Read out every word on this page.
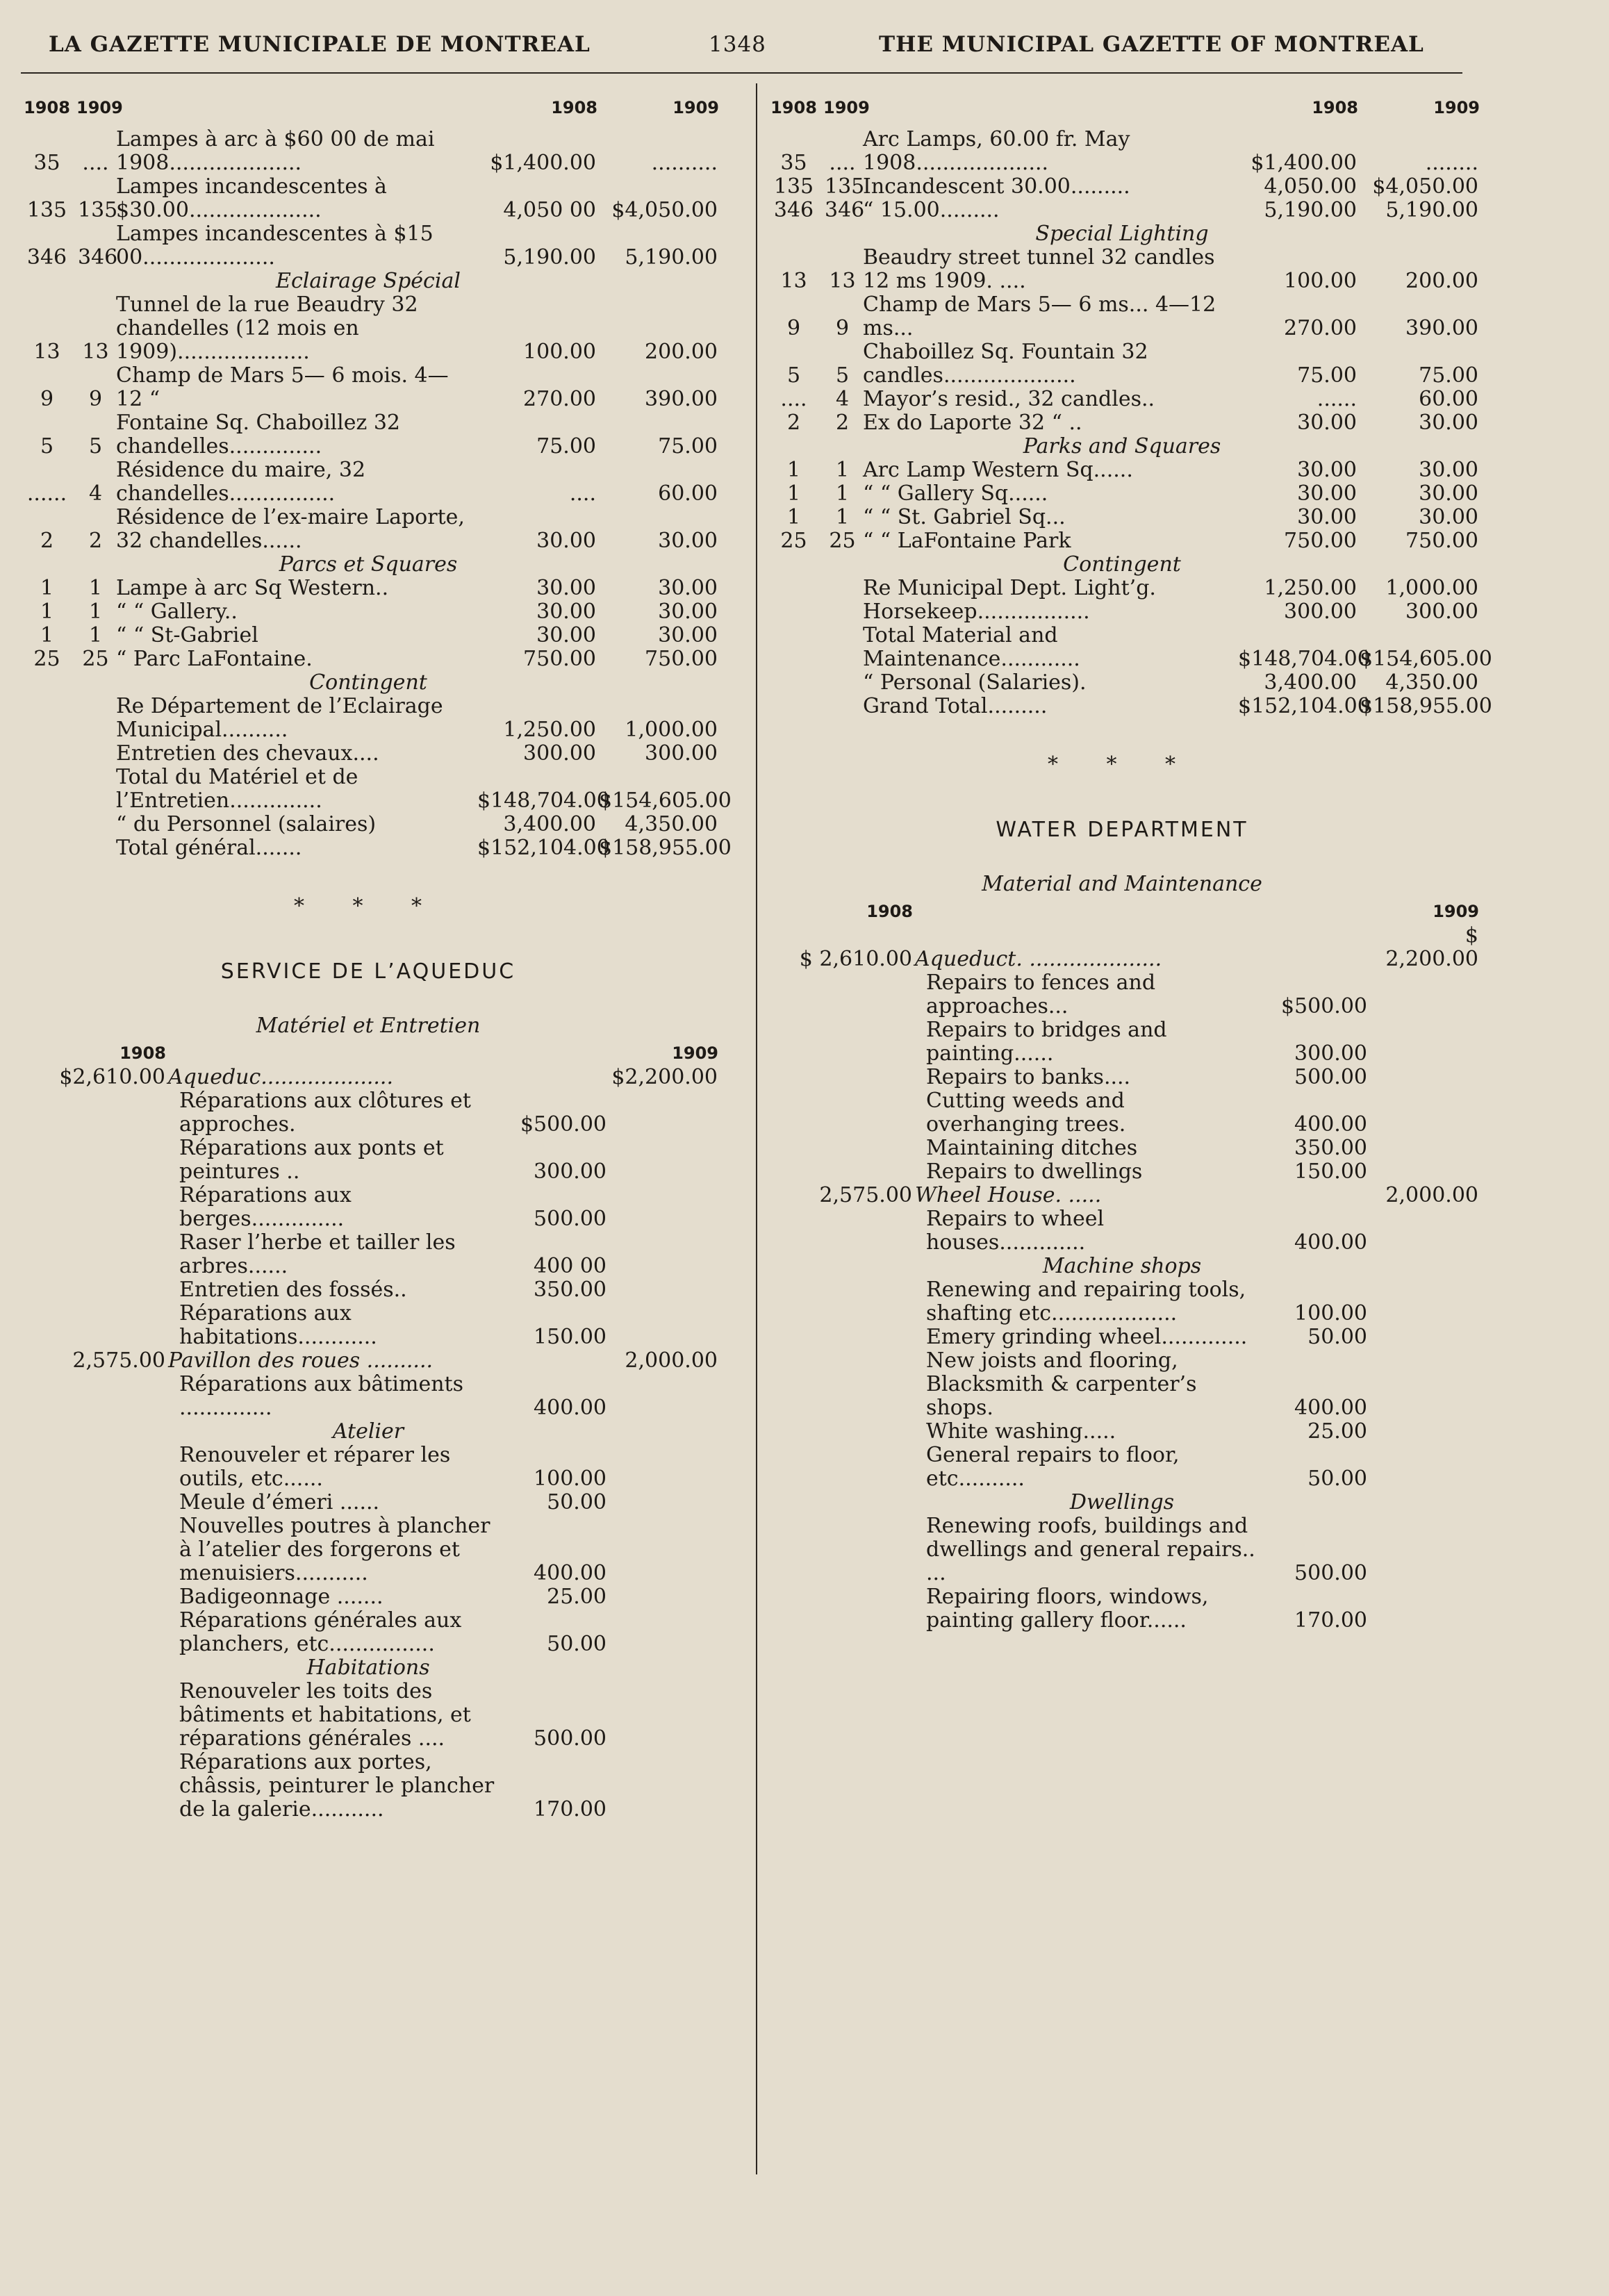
LA GAZETTE MUNICIPALE DE MONTREAL	1348	THE MUNICIPAL GAZETTE OF MONTREAL
1908	1909		1908	1909
35	....	Lampes à arc à $60 00 de mai 1908....................	$1,400.00	..........
135	135	Lampes incandescentes à $30.00....................	4,050 00	$4,050.00
346	346	Lampes incandescentes à $15 00....................	5,190.00	5,190.00
Eclairage Spécial				
13	13	Tunnel de la rue Beaudry 32 chandelles (12 mois en 1909)....................	100.00	200.00
9	9	Champ de Mars 5— 6 mois. 4—12 “	270.00	390.00
5	5	Fontaine Sq. Chaboillez 32 chandelles..............	75.00	75.00
......	4	Résidence du maire, 32 chandelles................	....	60.00
2	2	Résidence de l’ex-maire Laporte, 32 chandelles......	30.00	30.00
Parcs et Squares				
1	1	Lampe à arc Sq Western..	30.00	30.00
1	1	“ “ Gallery..	30.00	30.00
1	1	“ “ St-Gabriel	30.00	30.00
25	25	“ Parc LaFontaine.	750.00	750.00
Contingent				
		Re Département de l’Eclairage Municipal..........	1,250.00	1,000.00
		Entretien des chevaux....	300.00	300.00
		Total du Matériel et de l’Entretien..............	$148,704.00	$154,605.00
		“ du Personnel (salaires)	3,400.00	4,350.00
		Total général.......	$152,104.00	$158,955.00
* * *
SERVICE DE L’AQUEDUC
Matériel et Entretien
1908			1909
$2,610.00	Aqueduc....................		$2,200.00
	Réparations aux clôtures et approches.	$500.00	
	Réparations aux ponts et peintures ..	300.00	
	Réparations aux berges..............	500.00	
	Raser l’herbe et tailler les arbres......	400 00	
	Entretien des fossés..	350.00	
	Réparations aux habitations............	150.00	
2,575.00	Pavillon des roues ..........		2,000.00
	Réparations aux bâtiments ..............	400.00	
Atelier			
	Renouveler et réparer les outils, etc......	100.00	
	Meule d’émeri ......	50.00	
	Nouvelles poutres à plancher à l’atelier des forgerons et menuisiers...........	400.00	
	Badigeonnage .......	25.00	
	Réparations générales aux planchers, etc................	50.00	
Habitations			
	Renouveler les toits des bâtiments et habitations, et réparations générales ....	500.00	
	Réparations aux portes, châssis, peinturer le plancher de la galerie...........	170.00	
1908	1909		1908	1909
35	....	Arc Lamps, 60.00 fr. May 1908....................	$1,400.00	........
135	135	Incandescent 30.00.........	4,050.00	$4,050.00
346	346	“ 15.00.........	5,190.00	5,190.00
Special Lighting				
13	13	Beaudry street tunnel 32 candles 12 ms 1909. ....	100.00	200.00
9	9	Champ de Mars 5— 6 ms... 4—12 ms...	270.00	390.00
5	5	Chaboillez Sq. Fountain 32 candles....................	75.00	75.00
....	4	Mayor’s resid., 32 candles..	......	60.00
2	2	Ex do Laporte 32 “ ..	30.00	30.00
Parks and Squares				
1	1	Arc Lamp Western Sq......	30.00	30.00
1	1	“ “ Gallery Sq......	30.00	30.00
1	1	“ “ St. Gabriel Sq...	30.00	30.00
25	25	“ “ LaFontaine Park	750.00	750.00
Contingent				
		Re Municipal Dept. Light’g.	1,250.00	1,000.00
		Horsekeep.................	300.00	300.00
		Total Material and Maintenance............	$148,704.00	$154,605.00
		“ Personal (Salaries).	3,400.00	4,350.00
		Grand Total.........	$152,104.00	$158,955.00
* * *
WATER DEPARTMENT
Material and Maintenance
1908			1909
$ 2,610.00	Aqueduct. ....................		$ 2,200.00
	Repairs to fences and approaches...	$500.00	
	Repairs to bridges and painting......	300.00	
	Repairs to banks....	500.00	
	Cutting weeds and overhanging trees.	400.00	
	Maintaining ditches	350.00	
	Repairs to dwellings	150.00	
2,575.00	Wheel House. .....		2,000.00
	Repairs to wheel houses.............	400.00	
Machine shops			
	Renewing and repairing tools, shafting etc...................	100.00	
	Emery grinding wheel.............	50.00	
	New joists and flooring, Blacksmith & carpenter’s shops.	400.00	
	White washing.....	25.00	
	General repairs to floor, etc..........	50.00	
Dwellings			
	Renewing roofs, buildings and dwellings and general repairs.. ...	500.00	
	Repairing floors, windows, painting gallery floor......	170.00	
